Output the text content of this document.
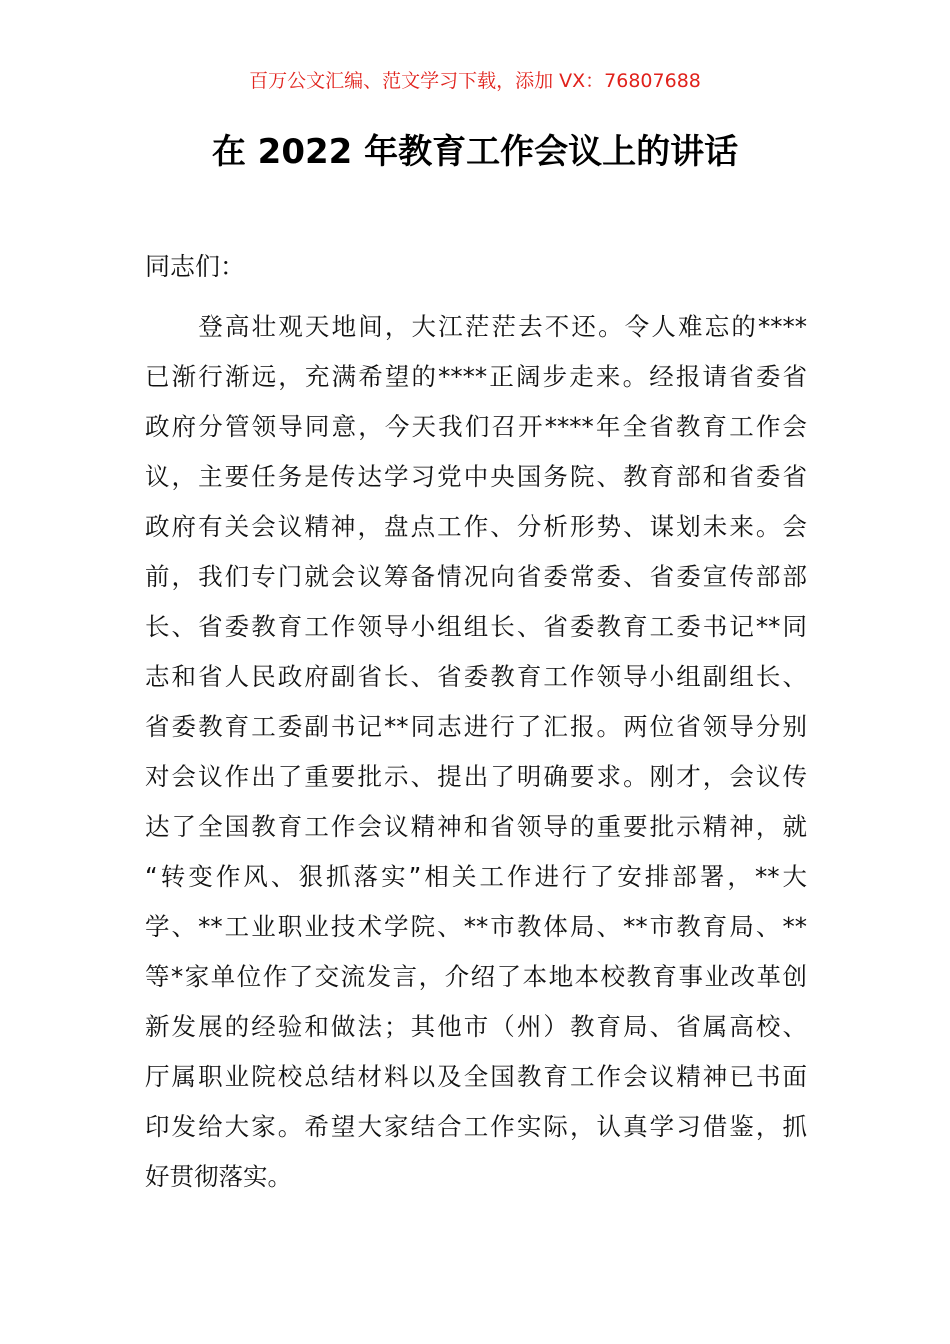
百万公文汇编、范文学习下载，添加 VX：76807688
在 2022 年教育工作会议上的讲话
同志们：
　　登高壮观天地间，大江茫茫去不还。令人难忘的****
已渐行渐远，充满希望的****正阔步走来。经报请省委省
政府分管领导同意，今天我们召开****年全省教育工作会
议，主要任务是传达学习党中央国务院、教育部和省委省
政府有关会议精神，盘点工作、分析形势、谋划未来。会
前，我们专门就会议筹备情况向省委常委、省委宣传部部
长、省委教育工作领导小组组长、省委教育工委书记**同
志和省人民政府副省长、省委教育工作领导小组副组长、
省委教育工委副书记**同志进行了汇报。两位省领导分别
对会议作出了重要批示、提出了明确要求。刚才，会议传
达了全国教育工作会议精神和省领导的重要批示精神，就
“转变作风、狠抓落实”相关工作进行了安排部署，**大
学、**工业职业技术学院、**市教体局、**市教育局、**
等*家单位作了交流发言，介绍了本地本校教育事业改革创
新发展的经验和做法；其他市（州）教育局、省属高校、
厅属职业院校总结材料以及全国教育工作会议精神已书面
印发给大家。希望大家结合工作实际，认真学习借鉴，抓
好贯彻落实。
